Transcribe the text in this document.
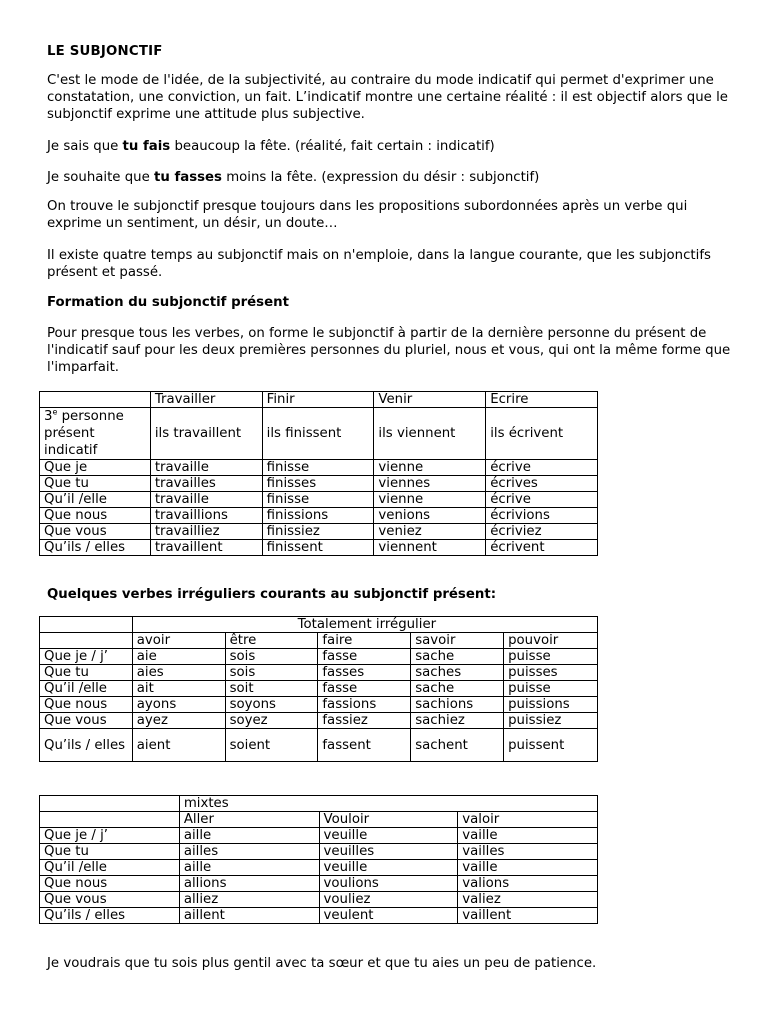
LE SUBJONCTIF

C'est le mode de l'idée, de la subjectivité, au contraire du mode indicatif qui permet d'exprimer une constatation, une conviction, un fait. L’indicatif montre une certaine réalité : il est objectif alors que le subjonctif exprime une attitude plus subjective.

Je sais que tu fais beaucoup la fête. (réalité, fait certain : indicatif)

Je souhaite que tu fasses moins la fête. (expression du désir : subjonctif)

On trouve le subjonctif presque toujours dans les propositions subordonnées après un verbe qui exprime un sentiment, un désir, un doute…

Il existe quatre temps au subjonctif mais on n'emploie, dans la langue courante, que les subjonctifs présent et passé.

Formation du subjonctif présent

Pour presque tous les verbes, on forme le subjonctif à partir de la dernière personne du présent de l'indicatif sauf pour les deux premières personnes du pluriel, nous et vous, qui ont la même forme que l'imparfait.

	Travailler	Finir	Venir	Ecrire
3e personne présent indicatif	ils travaillent	ils finissent	ils viennent	ils écrivent
Que je	travaille	finisse	vienne	écrive
Que tu	travailles	finisses	viennes	écrives
Qu’il /elle	travaille	finisse	vienne	écrive
Que nous	travaillions	finissions	venions	écrivions
Que vous	travailliez	finissiez	veniez	écriviez
Qu’ils / elles	travaillent	finissent	viennent	écrivent

Quelques verbes irréguliers courants au subjonctif présent:

	Totalement irrégulier				
	avoir	être	faire	savoir	pouvoir
Que je / j’	aie	sois	fasse	sache	puisse
Que tu	aies	sois	fasses	saches	puisses
Qu’il /elle	ait	soit	fasse	sache	puisse
Que nous	ayons	soyons	fassions	sachions	puissions
Que vous	ayez	soyez	fassiez	sachiez	puissiez
Qu’ils / elles	aient	soient	fassent	sachent	puissent
	mixtes		
	Aller	Vouloir	valoir
Que je / j’	aille	veuille	vaille
Que tu	ailles	veuilles	vailles
Qu’il /elle	aille	veuille	vaille
Que nous	allions	voulions	valions
Que vous	alliez	vouliez	valiez
Qu’ils / elles	aillent	veulent	vaillent

Je voudrais que tu sois plus gentil avec ta sœur et que tu aies un peu de patience.
